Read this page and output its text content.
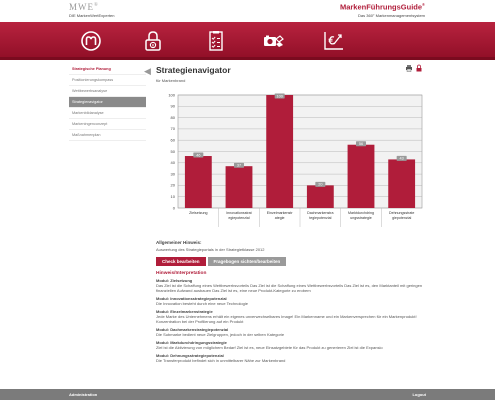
MWE®
DIE MarkenWertExperten
MarkenFührungsGuide®
Das 360° Markenmanagementsystem
R
Strategische Planung
Positionierungskompass
Wettbewerbsanalyse
Strategienavigator
Markenbildanalyse
Markeningenconzept
Maßnahmenplan
◀ Strategienavigator
für Markenbrand
0
10
20
30
40
50
60
70
80
90
100
46
Zielsetzung
37
Innovationsstrat
egiepotenzial
100
Einzelmarkenstr
ategie
20
Dachmarkenstra
tegiepotenzial
56
Marktdurchdring
ungsstrategie
43
Dehnungsstrate
giepotenzial
Allgemeiner Hinweis:
Auswertung des Strategieportals in der Strategietklasse 2012
Check bearbeiten	Fragebogen sichten/bearbeiten
Hinweis/Interpretation
Modul: Zielsetzung
Das Ziel ist die Schaffung eines Wettbewerbsvorteils Das Ziel ist die Schaffung eines Wettbewerbsvorteils Das Ziel ist es, den Marktanteil mit geringen finanziellen Aufwand ausbauen Das Ziel ist es, eine neue Produkt-Kategorie zu erobern
Modul: Innovationsstrategiepotenzial
Die Innovation besteht durch eine neue Technologie
Modul: Einzelmarkenstrategie
Jede Marke des Unternehmens erhält ein eigenes unverwechselbares Image! Ein Markenname und ein Markenversprechen für ein Markenprodukt! Konzentration bei der Profilierung auf ein Produkt
Modul: Dachmarkenstrategiepotenzial
Die Submarke bedient neue Zielgruppen, jedoch in der selben Kategorie
Modul: Markdurchdringungsstrategie
Ziel ist die Aktivierung von möglichem Bedarf Ziel ist es, neue Einsatzgebiete für das Produkt zu generieren Ziel ist die Expansio
Modul: Dehnungsstrategiepotenzial
Die Transferprodukt befindet sich in unmittelbarer Nähe zur Markenbrand
Administration	Logout
